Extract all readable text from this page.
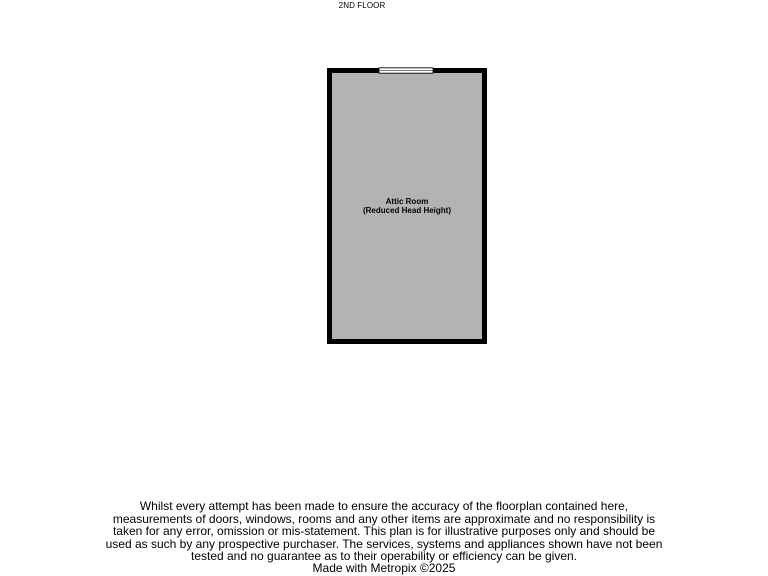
2ND FLOOR
Attic Room
(Reduced Head Height)
Whilst every attempt has been made to ensure the accuracy of the floorplan contained here, measurements of doors, windows, rooms and any other items are approximate and no responsibility is taken for any error, omission or mis-statement. This plan is for illustrative purposes only and should be used as such by any prospective purchaser. The services, systems and appliances shown have not been tested and no guarantee as to their operability or efficiency can be given.
Made with Metropix ©2025
